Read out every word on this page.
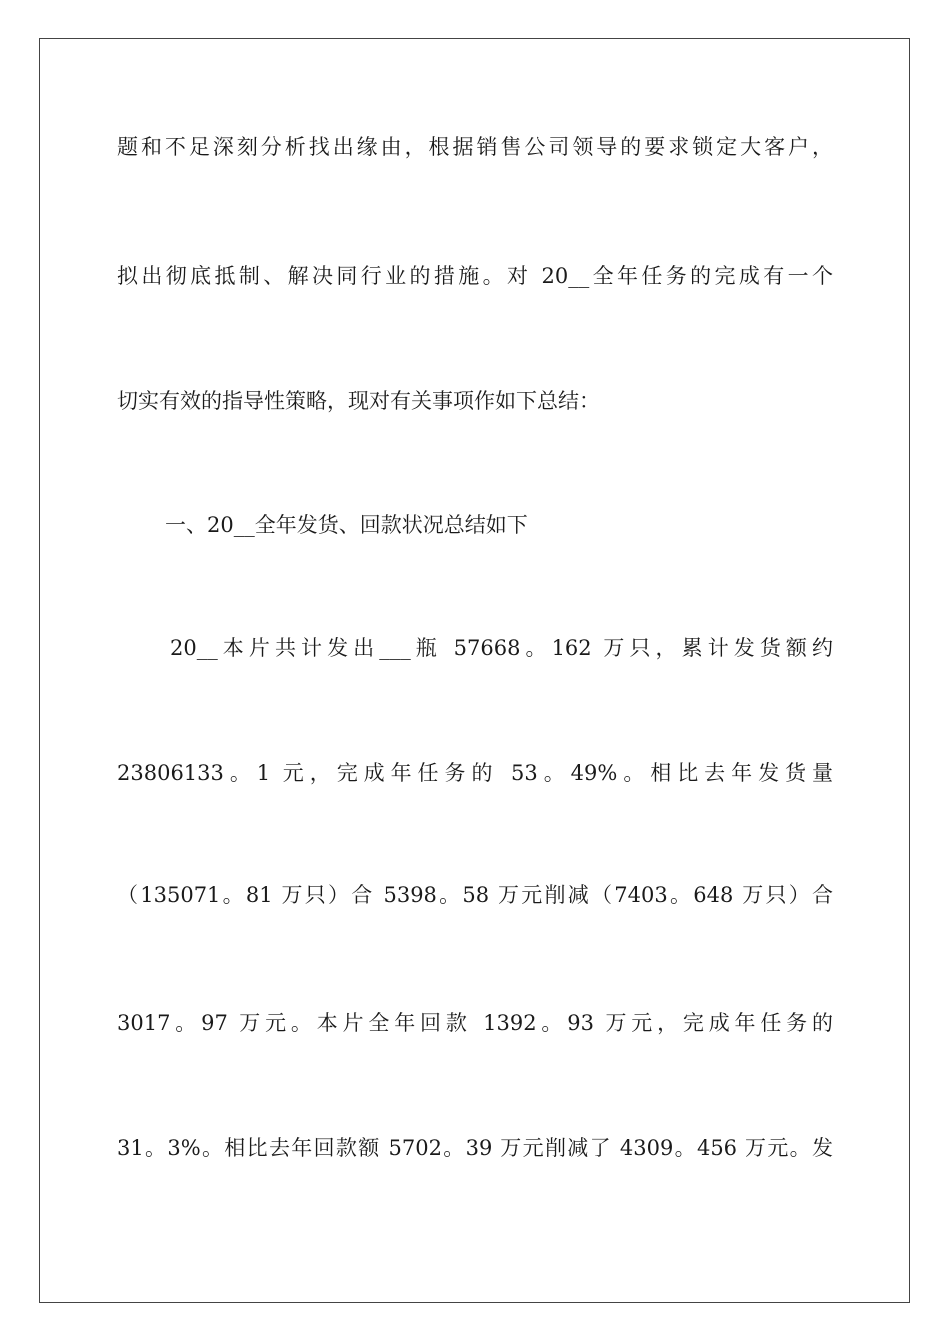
题和不足深刻分析找出缘由，根据销售公司领导的要求锁定大客户，
拟出彻底抵制、解决同行业的措施。对 20__全年任务的完成有一个
切实有效的指导性策略，现对有关事项作如下总结：
一、20__全年发货、回款状况总结如下
20__本片共计发出___瓶 57668。162 万只，累计发货额约
23806133。1 元，完成年任务的 53。49%。相比去年发货量
（135071。81 万只）合 5398。58 万元削减（7403。648 万只）合
3017。97 万元。本片全年回款 1392。93 万元，完成年任务的
31。3%。相比去年回款额 5702。39 万元削减了 4309。456 万元。发
